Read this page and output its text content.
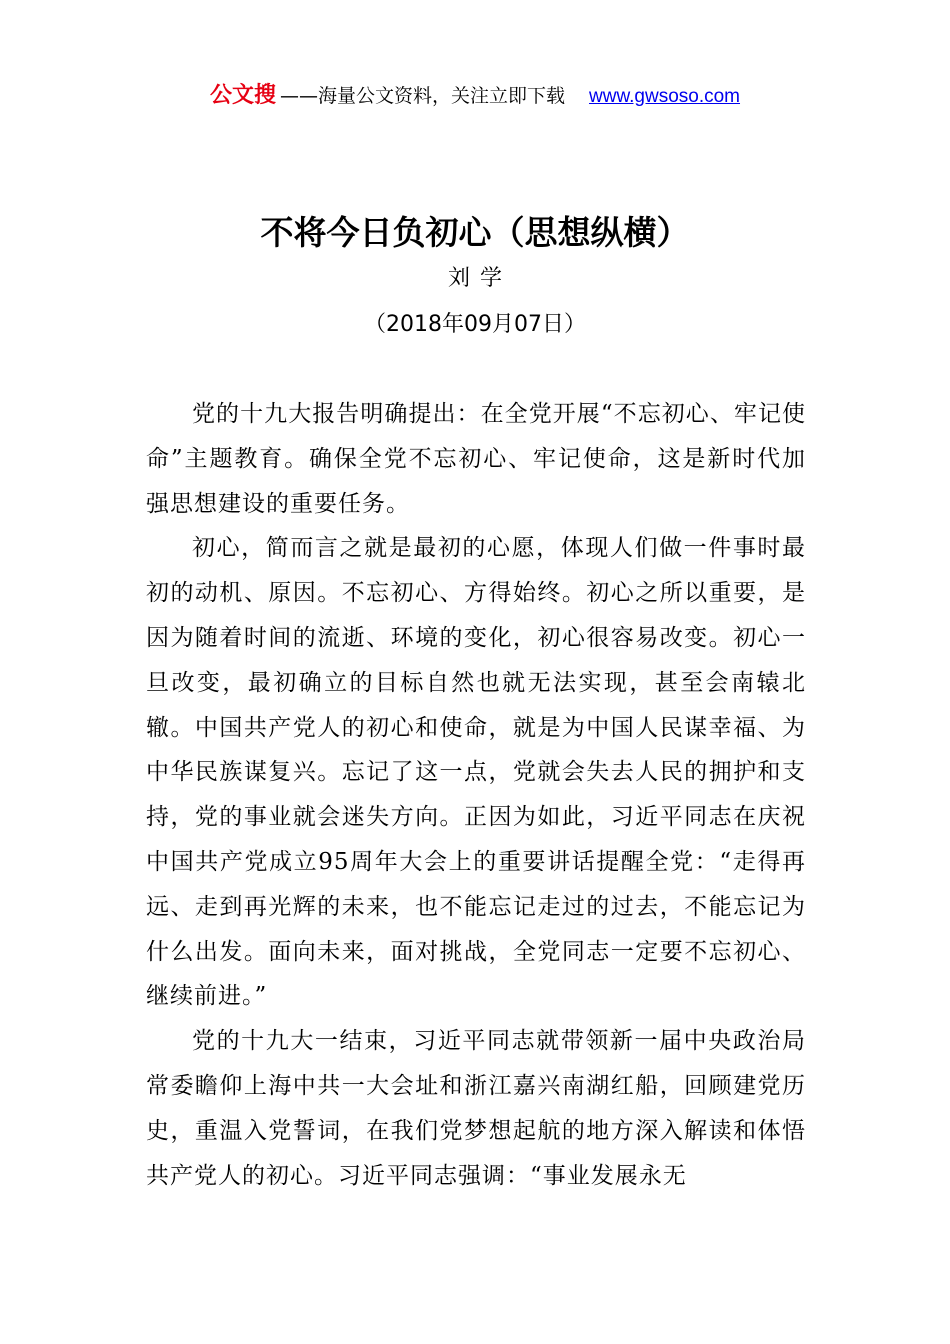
公文搜 ——海量公文资料，关注立即下载 www.gwsoso.com
不将今日负初心（思想纵横）
刘学
（2018年09月07日）

党的十九大报告明确提出：在全党开展“不忘初心、牢记使命”主题教育。确保全党不忘初心、牢记使命，这是新时代加强思想建设的重要任务。

初心，简而言之就是最初的心愿，体现人们做一件事时最初的动机、原因。不忘初心、方得始终。初心之所以重要，是因为随着时间的流逝、环境的变化，初心很容易改变。初心一旦改变，最初确立的目标自然也就无法实现，甚至会南辕北辙。中国共产党人的初心和使命，就是为中国人民谋幸福、为中华民族谋复兴。忘记了这一点，党就会失去人民的拥护和支持，党的事业就会迷失方向。正因为如此，习近平同志在庆祝中国共产党成立95周年大会上的重要讲话提醒全党：“走得再远、走到再光辉的未来，也不能忘记走过的过去，不能忘记为什么出发。面向未来，面对挑战，全党同志一定要不忘初心、继续前进。”

党的十九大一结束，习近平同志就带领新一届中央政治局常委瞻仰上海中共一大会址和浙江嘉兴南湖红船，回顾建党历史，重温入党誓词，在我们党梦想起航的地方深入解读和体悟共产党人的初心。习近平同志强调：“事业发展永无
